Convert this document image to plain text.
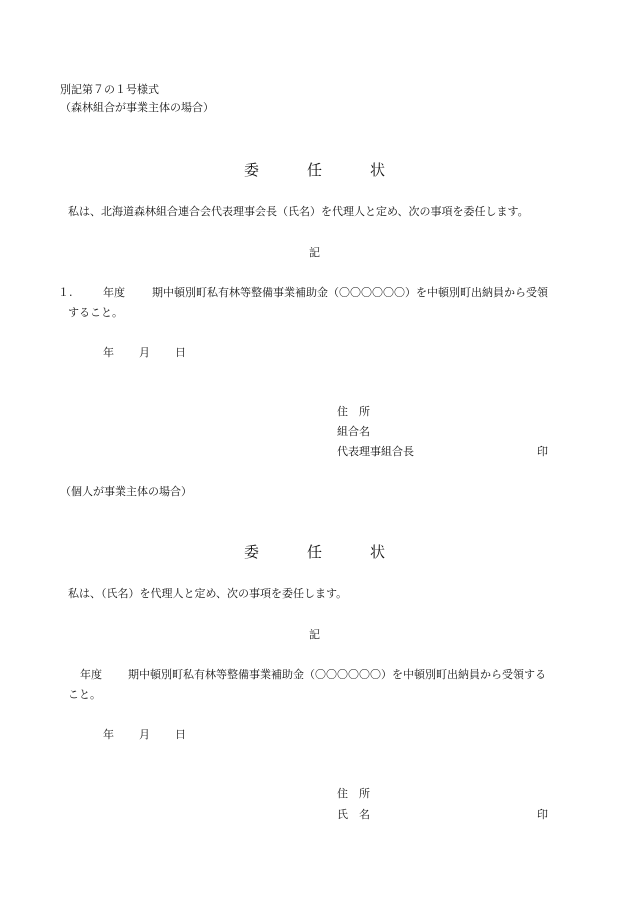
別記第７の１号様式
（森林組合が事業主体の場合）
委	任	状
私は、北海道森林組合連合会代表理事会長（氏名）を代理人と定め、次の事項を委任します。
記
１.	年度 期中頓別町私有林等整備事業補助金（〇〇〇〇〇〇）を中頓別町出納員から受領
すること。
年 月 日
住　所
組合名
代表理事組合長	印
（個人が事業主体の場合）
委	任	状
私は、（氏名）を代理人と定め、次の事項を委任します。
記
年度 期中頓別町私有林等整備事業補助金（〇〇〇〇〇〇）を中頓別町出納員から受領する
こと。
年 月 日
住　所
氏　名	印
